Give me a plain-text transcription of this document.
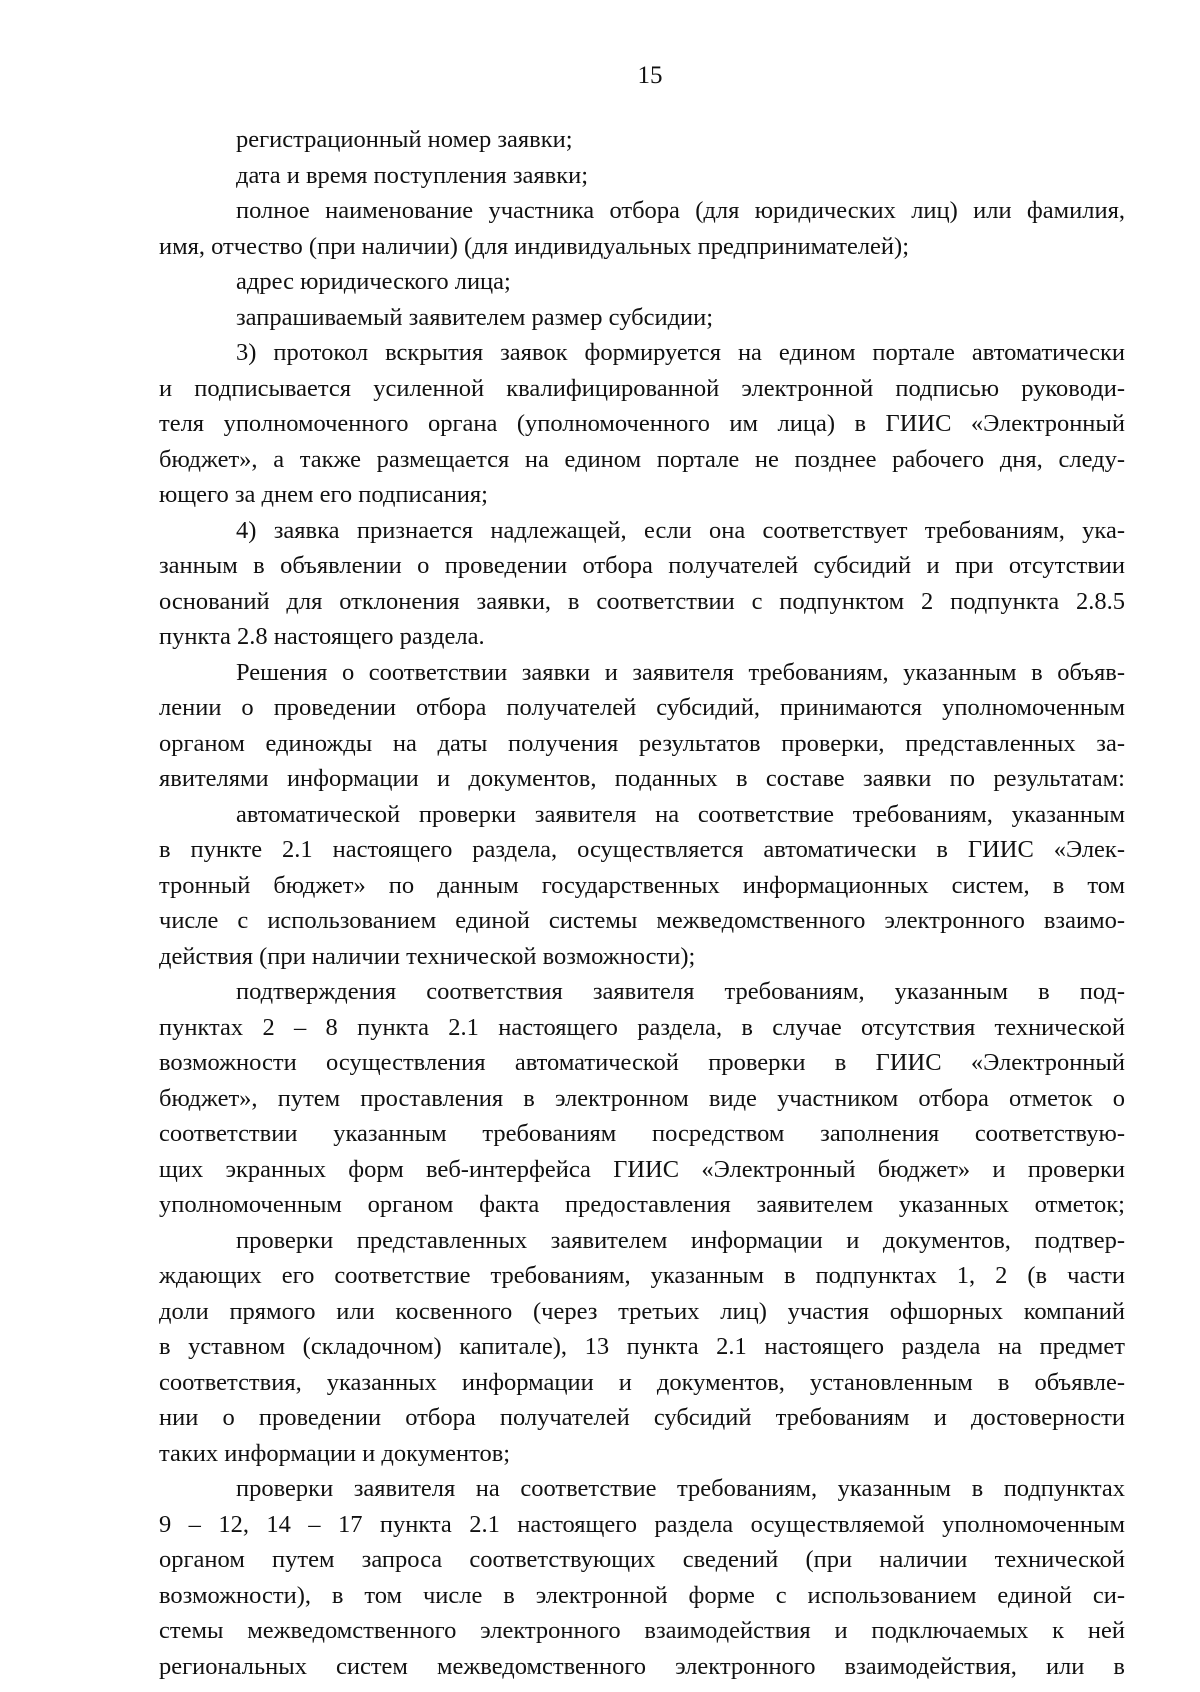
15
регистрационный номер заявки;
дата и время поступления заявки;
полное наименование участника отбора (для юридических лиц) или фамилия,
имя, отчество (при наличии) (для индивидуальных предпринимателей);
адрес юридического лица;
запрашиваемый заявителем размер субсидии;
3) протокол вскрытия заявок формируется на едином портале автоматически
и подписывается усиленной квалифицированной электронной подписью руководи-
теля уполномоченного органа (уполномоченного им лица) в ГИИС «Электронный
бюджет», а также размещается на едином портале не позднее рабочего дня, следу-
ющего за днем его подписания;
4) заявка признается надлежащей, если она соответствует требованиям, ука-
занным в объявлении о проведении отбора получателей субсидий и при отсутствии
оснований для отклонения заявки, в соответствии с подпунктом 2 подпункта 2.8.5
пункта 2.8 настоящего раздела.
Решения о соответствии заявки и заявителя требованиям, указанным в объяв-
лении о проведении отбора получателей субсидий, принимаются уполномоченным
органом единожды на даты получения результатов проверки, представленных за-
явителями информации и документов, поданных в составе заявки по результатам:
автоматической проверки заявителя на соответствие требованиям, указанным
в пункте 2.1 настоящего раздела, осуществляется автоматически в ГИИС «Элек-
тронный бюджет» по данным государственных информационных систем, в том
числе с использованием единой системы межведомственного электронного взаимо-
действия (при наличии технической возможности);
подтверждения соответствия заявителя требованиям, указанным в под-
пунктах 2 – 8 пункта 2.1 настоящего раздела, в случае отсутствия технической
возможности осуществления автоматической проверки в ГИИС «Электронный
бюджет», путем проставления в электронном виде участником отбора отметок о
соответствии указанным требованиям посредством заполнения соответствую-
щих экранных форм веб-интерфейса ГИИС «Электронный бюджет» и проверки
уполномоченным органом факта предоставления заявителем указанных отметок;
проверки представленных заявителем информации и документов, подтвер-
ждающих его соответствие требованиям, указанным в подпунктах 1, 2 (в части
доли прямого или косвенного (через третьих лиц) участия офшорных компаний
в уставном (складочном) капитале), 13 пункта 2.1 настоящего раздела на предмет
соответствия, указанных информации и документов, установленным в объявле-
нии о проведении отбора получателей субсидий требованиям и достоверности
таких информации и документов;
проверки заявителя на соответствие требованиям, указанным в подпунктах
9 – 12, 14 – 17 пункта 2.1 настоящего раздела осуществляемой уполномоченным
органом путем запроса соответствующих сведений (при наличии технической
возможности), в том числе в электронной форме с использованием единой си-
стемы межведомственного электронного взаимодействия и подключаемых к ней
региональных систем межведомственного электронного взаимодействия, или в
